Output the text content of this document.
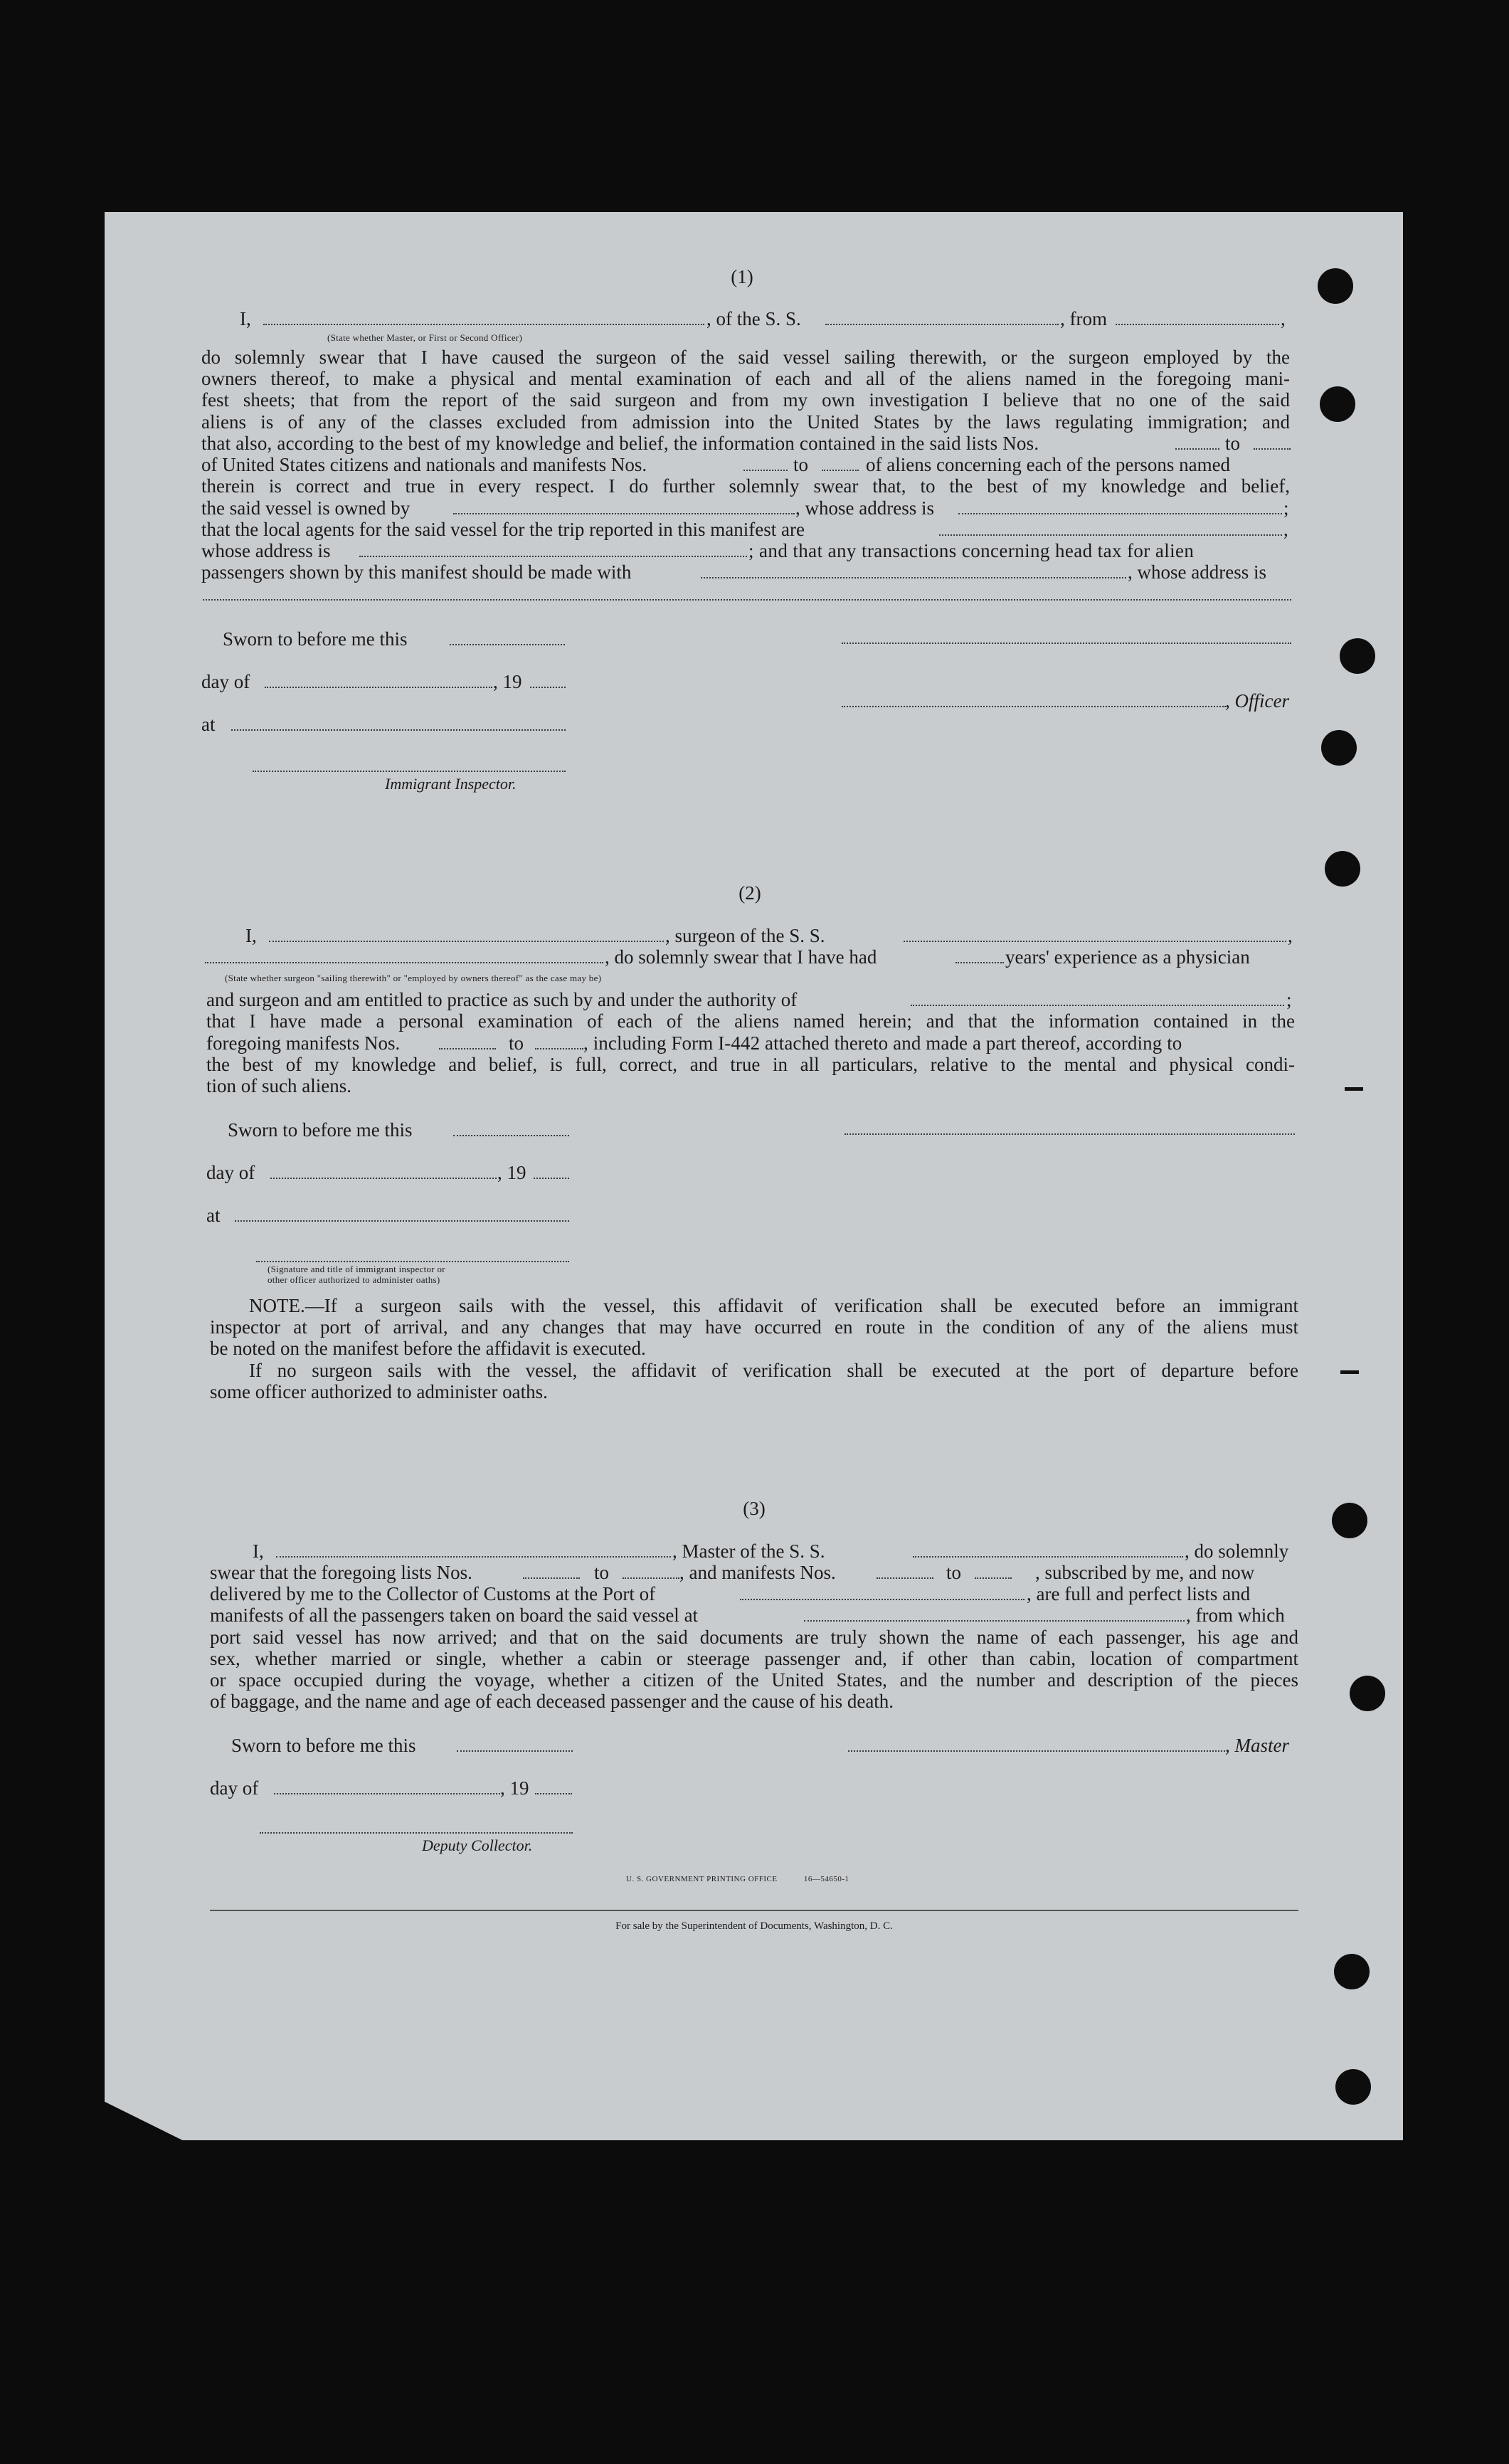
(1)
I,	, of the S. S.	, from	,
(State whether Master, or First or Second Officer)
do solemnly swear that I have caused the surgeon of the said vessel sailing therewith, or the surgeon employed by the
owners thereof, to make a physical and mental examination of each and all of the aliens named in the foregoing mani-
fest sheets; that from the report of the said surgeon and from my own investigation I believe that no one of the said
aliens is of any of the classes excluded from admission into the United States by the laws regulating immigration; and
that also, according to the best of my knowledge and belief, the information contained in the said lists Nos.	to
of United States citizens and nationals and manifests Nos.	to	of aliens concerning each of the persons named
therein is correct and true in every respect. I do further solemnly swear that, to the best of my knowledge and belief,
the said vessel is owned by	, whose address is	;
that the local agents for the said vessel for the trip reported in this manifest are	,
whose address is	; and that any transactions concerning head tax for alien
passengers shown by this manifest should be made with	, whose address is
Sworn to before me this
day of	, 19
, Officer
at
Immigrant Inspector.
(2)
I,	, surgeon of the S. S.	,
, do solemnly swear that I have had	years' experience as a physician
(State whether surgeon "sailing therewith" or "employed by owners thereof" as the case may be)
and surgeon and am entitled to practice as such by and under the authority of	;
that I have made a personal examination of each of the aliens named herein; and that the information contained in the
foregoing manifests Nos.	to	, including Form I-442 attached thereto and made a part thereof, according to
the best of my knowledge and belief, is full, correct, and true in all particulars, relative to the mental and physical condi-
tion of such aliens.
Sworn to before me this
day of	, 19
at
(Signature and title of immigrant inspector or
other officer authorized to administer oaths)
NOTE.—If a surgeon sails with the vessel, this affidavit of verification shall be executed before an immigrant
inspector at port of arrival, and any changes that may have occurred en route in the condition of any of the aliens must
be noted on the manifest before the affidavit is executed.
If no surgeon sails with the vessel, the affidavit of verification shall be executed at the port of departure before
some officer authorized to administer oaths.
(3)
I,	, Master of the S. S.	, do solemnly
swear that the foregoing lists Nos.	to	, and manifests Nos.	to	, subscribed by me, and now
delivered by me to the Collector of Customs at the Port of	, are full and perfect lists and
manifests of all the passengers taken on board the said vessel at	, from which
port said vessel has now arrived; and that on the said documents are truly shown the name of each passenger, his age and
sex, whether married or single, whether a cabin or steerage passenger and, if other than cabin, location of compartment
or space occupied during the voyage, whether a citizen of the United States, and the number and description of the pieces
of baggage, and the name and age of each deceased passenger and the cause of his death.
Sworn to before me this	, Master
day of	, 19
Deputy Collector.
U. S. GOVERNMENT PRINTING OFFICE	16—54650-1
For sale by the Superintendent of Documents, Washington, D. C.
